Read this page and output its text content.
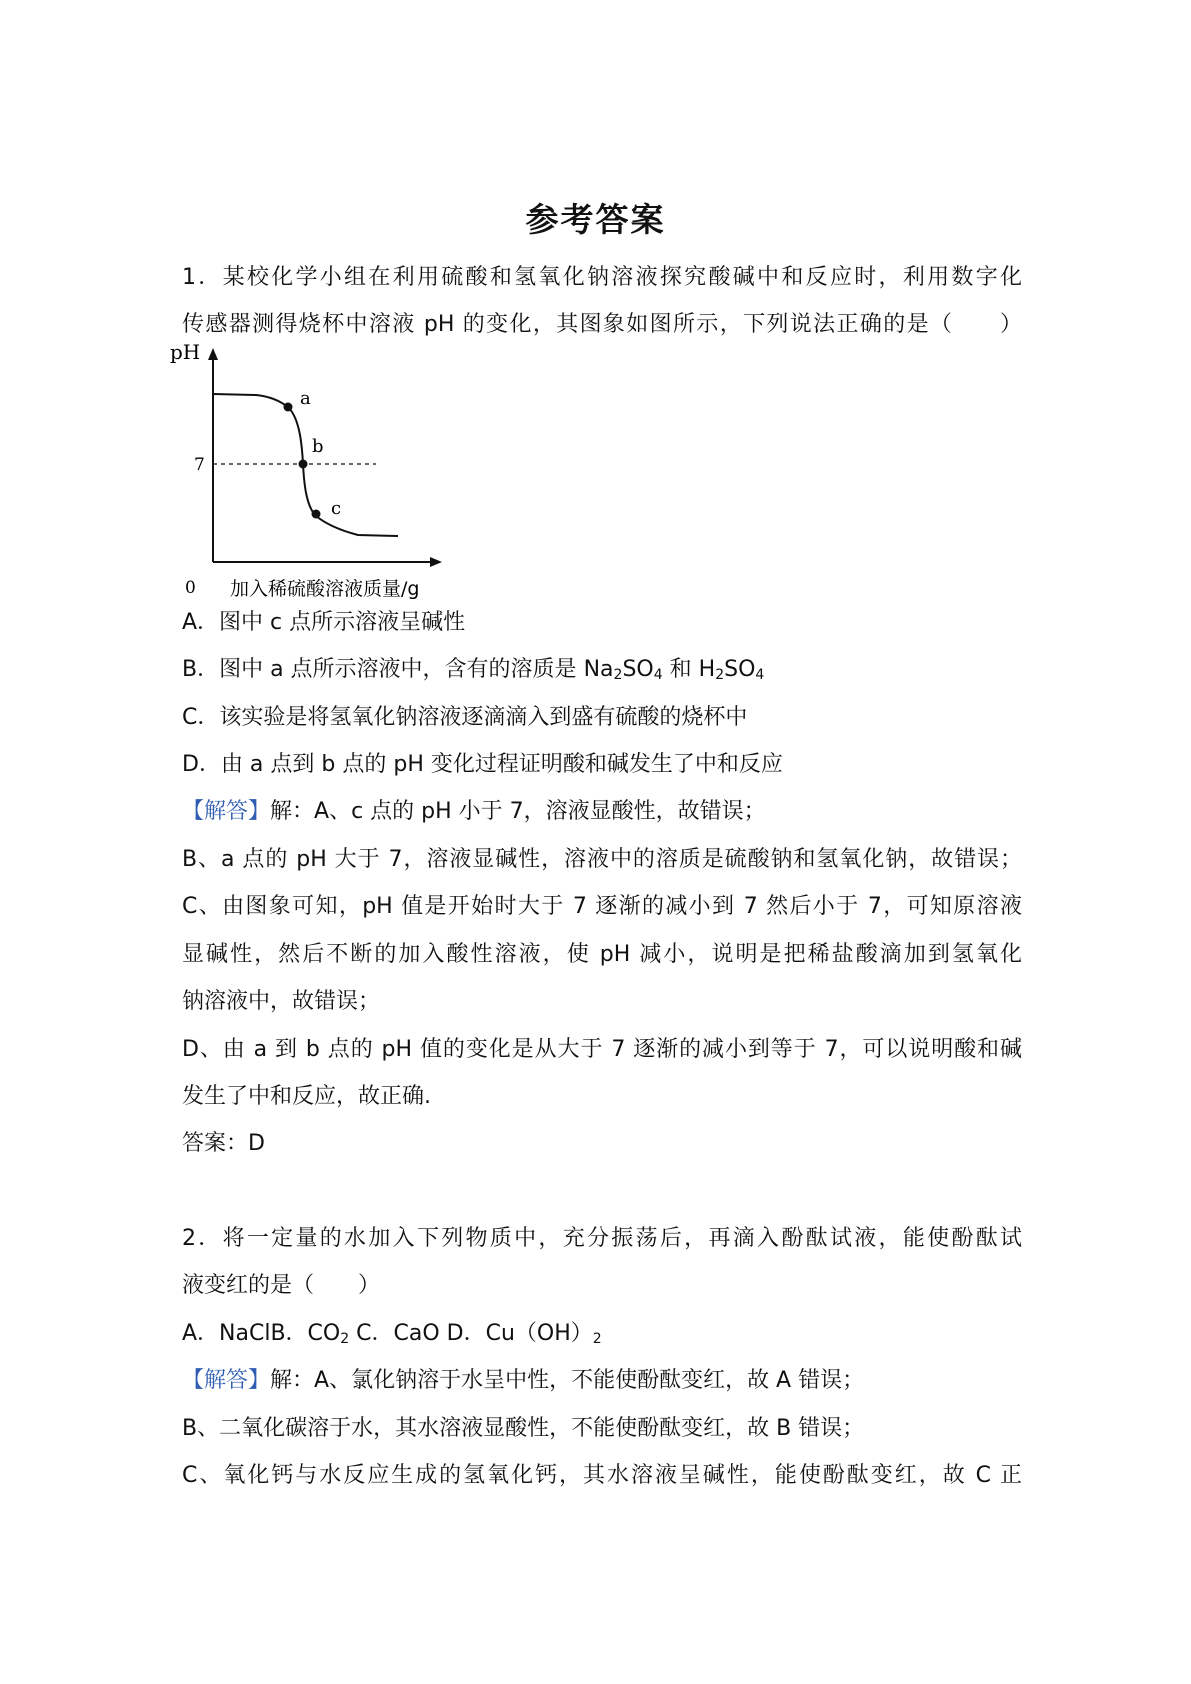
参考答案
1．某校化学小组在利用硫酸和氢氧化钠溶液探究酸碱中和反应时，利用数字化
传感器测得烧杯中溶液 pH 的变化，其图象如图所示，下列说法正确的是（　　）
pH
7
0
a
b
c
加入稀硫酸溶液质量/g
A．图中 c 点所示溶液呈碱性
B．图中 a 点所示溶液中，含有的溶质是 $Na_2SO_4$ 和 $H_2SO_4$
C．该实验是将氢氧化钠溶液逐滴滴入到盛有硫酸的烧杯中
D．由 a 点到 b 点的 pH 变化过程证明酸和碱发生了中和反应
【解答】解：A、c 点的 pH 小于 7，溶液显酸性，故错误；
B、a 点的 pH 大于 7，溶液显碱性，溶液中的溶质是硫酸钠和氢氧化钠，故错误；
C、由图象可知，pH 值是开始时大于 7 逐渐的减小到 7 然后小于 7，可知原溶液
显碱性，然后不断的加入酸性溶液，使 pH 减小，说明是把稀盐酸滴加到氢氧化
钠溶液中，故错误；
D、由 a 到 b 点的 pH 值的变化是从大于 7 逐渐的减小到等于 7，可以说明酸和碱
发生了中和反应，故正确.
答案：D
2．将一定量的水加入下列物质中，充分振荡后，再滴入酚酞试液，能使酚酞试
液变红的是（　　）
A．NaClB．$CO_2$ C．CaO D．$Cu(OH)_2$
【解答】解：A、氯化钠溶于水呈中性，不能使酚酞变红，故 A 错误；
B、二氧化碳溶于水，其水溶液显酸性，不能使酚酞变红，故 B 错误；
C、氧化钙与水反应生成的氢氧化钙，其水溶液呈碱性，能使酚酞变红，故 C 正
